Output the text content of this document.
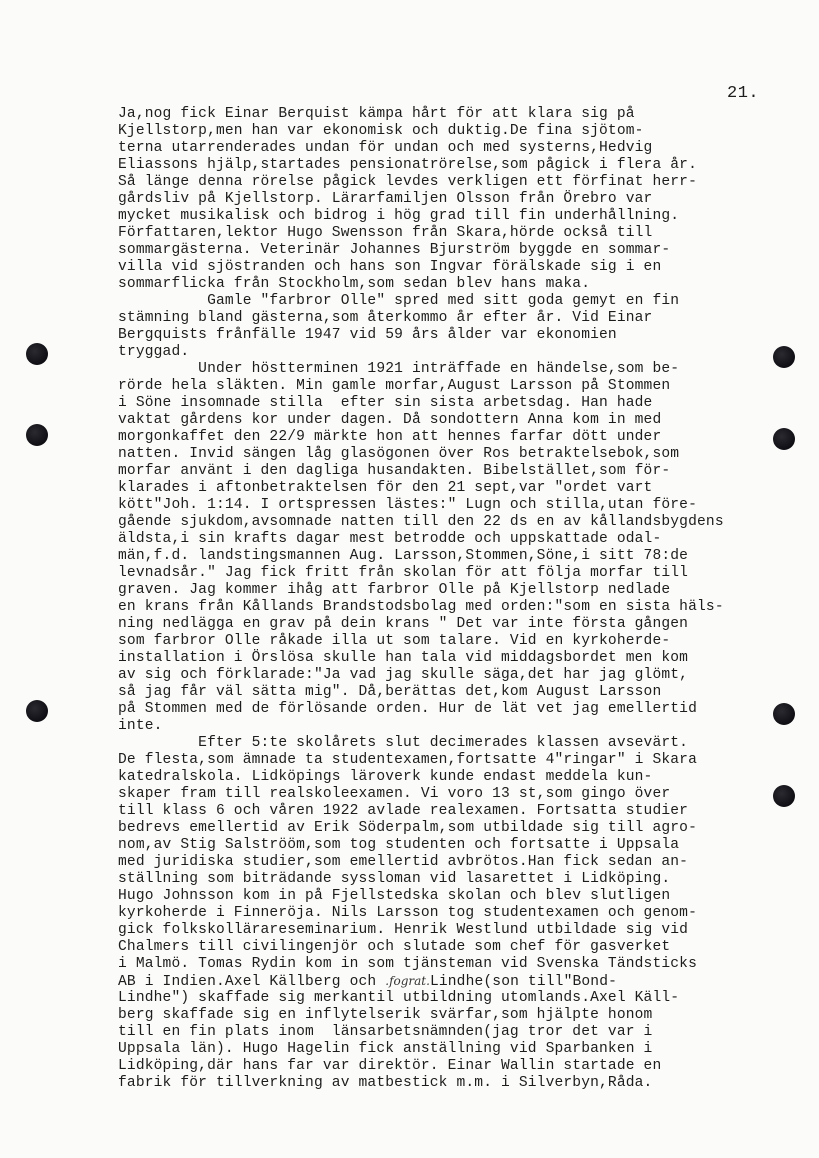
21.
Ja,nog fick Einar Berquist kämpa hårt för att klara sig på
Kjellstorp,men han var ekonomisk och duktig.De fina sjötom-
terna utarrenderades undan för undan och med systerns,Hedvig
Eliassons hjälp,startades pensionatrörelse,som pågick i flera år.
Så länge denna rörelse pågick levdes verkligen ett förfinat herr-
gårdsliv på Kjellstorp. Lärarfamiljen Olsson från Örebro var
mycket musikalisk och bidrog i hög grad till fin underhållning.
Författaren,lektor Hugo Swensson från Skara,hörde också till
sommargästerna. Veterinär Johannes Bjurström byggde en sommar-
villa vid sjöstranden och hans son Ingvar förälskade sig i en
sommarflicka från Stockholm,som sedan blev hans maka.
Gamle "farbror Olle" spred med sitt goda gemyt en fin
stämning bland gästerna,som återkommo år efter år. Vid Einar
Bergquists frånfälle 1947 vid 59 års ålder var ekonomien
tryggad.
Under höstterminen 1921 inträffade en händelse,som be-
rörde hela släkten. Min gamle morfar,August Larsson på Stommen
i Söne insomnade stilla  efter sin sista arbetsdag. Han hade
vaktat gårdens kor under dagen. Då sondottern Anna kom in med
morgonkaffet den 22/9 märkte hon att hennes farfar dött under
natten. Invid sängen låg glasögonen över Ros betraktelsebok,som
morfar använt i den dagliga husandakten. Bibelstället,som för-
klarades i aftonbetraktelsen för den 21 sept,var "ordet vart
kött"Joh. 1:14. I ortspressen lästes:" Lugn och stilla,utan före-
gående sjukdom,avsomnade natten till den 22 ds en av kållandsbygdens
äldsta,i sin krafts dagar mest betrodde och uppskattade odal-
män,f.d. landstingsmannen Aug. Larsson,Stommen,Söne,i sitt 78:de
levnadsår." Jag fick fritt från skolan för att följa morfar till
graven. Jag kommer ihåg att farbror Olle på Kjellstorp nedlade
en krans från Kållands Brandstodsbolag med orden:"som en sista häls-
ning nedlägga en grav på dein krans " Det var inte första gången
som farbror Olle råkade illa ut som talare. Vid en kyrkoherde-
installation i Örslösa skulle han tala vid middagsbordet men kom
av sig och förklarade:"Ja vad jag skulle säga,det har jag glömt,
så jag får väl sätta mig". Då,berättas det,kom August Larsson
på Stommen med de förlösande orden. Hur de lät vet jag emellertid
inte.
Efter 5:te skolårets slut decimerades klassen avsevärt.
De flesta,som ämnade ta studentexamen,fortsatte 4"ringar" i Skara
katedralskola. Lidköpings läroverk kunde endast meddela kun-
skaper fram till realskoleexamen. Vi voro 13 st,som gingo över
till klass 6 och våren 1922 avlade realexamen. Fortsatta studier
bedrevs emellertid av Erik Söderpalm,som utbildade sig till agro-
nom,av Stig Salströöm,som tog studenten och fortsatte i Uppsala
med juridiska studier,som emellertid avbrötos.Han fick sedan an-
ställning som biträdande syssloman vid lasarettet i Lidköping.
Hugo Johnsson kom in på Fjellstedska skolan och blev slutligen
kyrkoherde i Finneröja. Nils Larsson tog studentexamen och genom-
gick folkskollärareseminarium. Henrik Westlund utbildade sig vid
Chalmers till civilingenjör och slutade som chef för gasverket
i Malmö. Tomas Rydin kom in som tjänsteman vid Svenska Tändsticks
AB i Indien.Axel Källberg och .fograt.Lindhe(son till"Bond-
Lindhe") skaffade sig merkantil utbildning utomlands.Axel Käll-
berg skaffade sig en inflytelserik svärfar,som hjälpte honom
till en fin plats inom  länsarbetsnämnden(jag tror det var i
Uppsala län). Hugo Hagelin fick anställning vid Sparbanken i
Lidköping,där hans far var direktör. Einar Wallin startade en
fabrik för tillverkning av matbestick m.m. i Silverbyn,Råda.
